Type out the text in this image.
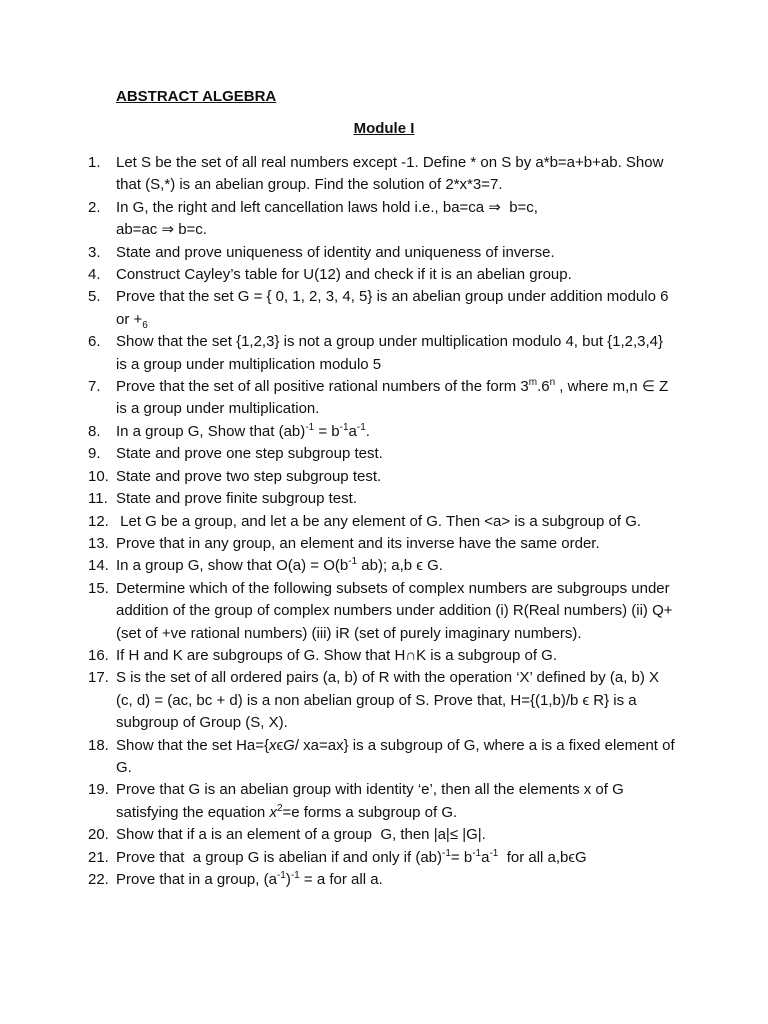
ABSTRACT ALGEBRA
Module I
1. Let S be the set of all real numbers except -1. Define * on S by a*b=a+b+ab. Show that (S,*) is an abelian group. Find the solution of 2*x*3=7.
2. In G, the right and left cancellation laws hold i.e., ba=ca ⇒  b=c,
ab=ac ⇒ b=c.
3. State and prove uniqueness of identity and uniqueness of inverse.
4. Construct Cayley’s table for U(12) and check if it is an abelian group.
5. Prove that the set G = { 0, 1, 2, 3, 4, 5} is an abelian group under addition modulo 6 or $+_6$
6. Show that the set {1,2,3} is not a group under multiplication modulo 4, but {1,2,3,4} is a group under multiplication modulo 5
7. Prove that the set of all positive rational numbers of the form 3$^m$.6$^n$ , where m,n ∈ Z is a group under multiplication.
8. In a group G, Show that $(ab)^{-1} = b^{-1}a^{-1}$.
9. State and prove one step subgroup test.
10. State and prove two step subgroup test.
11. State and prove finite subgroup test.
12. Let G be a group, and let a be any element of G. Then <a> is a subgroup of G.
13. Prove that in any group, an element and its inverse have the same order.
14. In a group G, show that $O(a) = O(b^{-1}$ ab); a,b ϵ G.
15. Determine which of the following subsets of complex numbers are subgroups under addition of the group of complex numbers under addition (i) R(Real numbers) (ii) Q+ (set of +ve rational numbers) (iii) iR (set of purely imaginary numbers).
16. If H and K are subgroups of G. Show that H∩K is a subgroup of G.
17. S is the set of all ordered pairs (a, b) of R with the operation ‘X’ defined by (a, b) X (c, d) = (ac, bc + d) is a non abelian group of S. Prove that, H={(1,b)/b ϵ R} is a subgroup of Group (S, X).
18. Show that the set Ha={xϵG/ xa=ax} is a subgroup of G, where a is a fixed element of G.
19. Prove that G is an abelian group with identity ‘e’, then all the elements x of G satisfying the equation $x^2=e$ forms a subgroup of G.
20. Show that if a is an element of a group  G, then |a|≤ |G|.
21. Prove that  a group G is abelian if and only if $(ab)^{-1}= b^{-1}a^{-1}$  for all a,bϵG
22. Prove that in a group, $(a^{-1})^{-1} = a$ for all a.
